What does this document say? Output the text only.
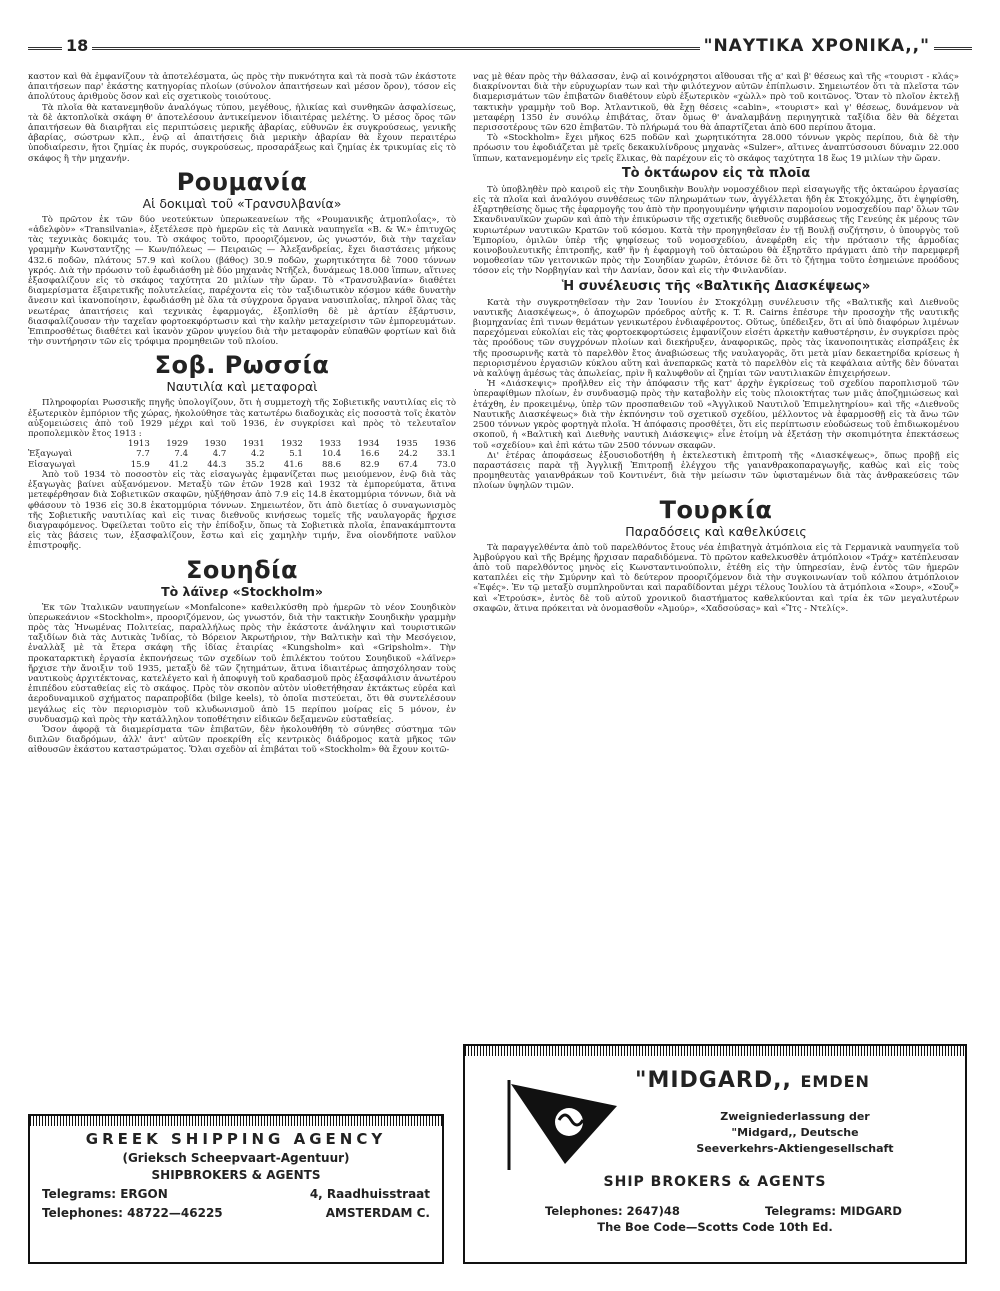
18	"ΝΑΥΤΙΚΑ ΧΡΟΝΙΚΑ,,"

καστον καὶ θὰ ἐμφανίζουν τὰ ἀποτελέσματα, ὡς πρὸς τὴν πυκνότητα καὶ τὰ ποσὰ τῶν ἑκάστοτε ἀπαιτήσεων παρ' ἑκάστης κατηγορίας πλοίων (σύνολον ἀπαιτήσεων καὶ μέσον ὅρον), τόσον εἰς ἀπολύτους ἀριθμοὺς ὅσον καὶ εἰς σχετικοὺς τοιούτους.

Τὰ πλοῖα θὰ κατανεμηθοῦν ἀναλόγως τύπου, μεγέθους, ἡλικίας καὶ συνθηκῶν ἀσφαλίσεως, τὰ δὲ ἀκτοπλοϊκὰ σκάφη θ' ἀποτελέσουν ἀντικείμενον ἰδιαιτέρας μελέτης. Ὁ μέσος ὅρος τῶν ἀπαιτήσεων θὰ διαιρῆται εἰς περιπτώσεις μερικῆς ἀβαρίας, εὐθυνῶν ἐκ συγκρούσεως, γενικῆς ἀβαρίας, σώστρων κλπ., ἐνῷ αἱ ἀπαιτήσεις διὰ μερικὴν ἀβαρίαν θὰ ἔχουν περαιτέρω ὑποδιαίρεσιν, ἤτοι ζημίας ἐκ πυρός, συγκρούσεως, προσαράξεως καὶ ζημίας ἐκ τρικυμίας εἰς τὸ σκάφος ἢ τὴν μηχανήν.

Ρουμανία
Αἱ δοκιμαὶ τοῦ «Τρανσυλβανία»

Τὸ πρῶτον ἐκ τῶν δύο νεοτεύκτων ὑπερωκεανείων τῆς «Ρουμανικῆς ἀτμοπλοΐας», τὸ «ἀδελφὸν» «Transilvania», ἐξετέλεσε πρὸ ἡμερῶν εἰς τὰ Δανικὰ ναυπηγεῖα «B. & W.» ἐπιτυχῶς τὰς τεχνικὰς δοκιμάς του. Τὸ σκάφος τοῦτο, προοριζόμενον, ὡς γνωστόν, διὰ τὴν ταχεῖαν γραμμὴν Κωνσταντζης — Κων/πόλεως — Πειραιῶς — Ἀλεξανδρείας, ἔχει διαστάσεις μήκους 432.6 ποδῶν, πλάτους 57.9 καὶ κοίλου (βάθος) 30.9 ποδῶν, χωρητικότητα δὲ 7000 τόννων γκρός. Διὰ τὴν πρόωσιν τοῦ ἐφωδιάσθη μὲ δύο μηχανὰς Ντῆζελ, δυνάμεως 18.000 ἵππων, αἵτινες ἐξασφαλίζουν εἰς τὸ σκάφος ταχύτητα 20 μιλίων τὴν ὥραν. Τὸ «Τρανσυλβανία» διαθέτει διαμερίσματα ἐξαιρετικῆς πολυτελείας, παρέχοντα εἰς τὸν ταξιδιωτικὸν κόσμον κάθε δυνατὴν ἄνεσιν καὶ ἱκανοποίησιν, ἐφωδιάσθη μὲ ὅλα τὰ σύγχρονα ὄργανα ναυσιπλοΐας, πληροῖ ὅλας τὰς νεωτέρας ἀπαιτήσεις καὶ τεχνικὰς ἐφαρμογάς, ἐξοπλίσθη δὲ μὲ ἀρτίαν ἐξάρτυσιν, διασφαλίζουσαν τὴν ταχεῖαν φορτοεκφόρτωσιν καὶ τὴν καλὴν μεταχείρισιν τῶν ἐμπορευμάτων. Ἐπιπροσθέτως διαθέτει καὶ ἱκανὸν χῶρον ψυγείου διὰ τὴν μεταφορὰν εὐπαθῶν φορτίων καὶ διὰ τὴν συντήρησιν τῶν εἰς τρόφιμα προμηθειῶν τοῦ πλοίου.

Σοβ. Ρωσσία
Ναυτιλία καὶ μεταφοραὶ

Πληροφορίαι Ρωσσικῆς πηγῆς ὑπολογίζουν, ὅτι ἡ συμμετοχὴ τῆς Σοβιετικῆς ναυτιλίας εἰς τὸ ἐξωτερικὸν ἐμπόριον τῆς χώρας, ἠκολούθησε τὰς κατωτέρω διαδοχικὰς εἰς ποσοστὰ τοῖς ἑκατὸν αὐξομειώσεις ἀπὸ τοῦ 1929 μέχρι καὶ τοῦ 1936, ἐν συγκρίσει καὶ πρὸς τὸ τελευταῖον προπολεμικὸν ἔτος 1913 :

	1913	1929	1930	1931	1932	1933	1934	1935	1936
Ἐξαγωγαὶ	7.7	7.4	4.7	4.2	5.1	10.4	16.6	24.2	33.1
Εἰσαγωγαὶ	15.9	41.2	44.3	35.2	41.6	88.6	82.9	67.4	73.0

Ἀπὸ τοῦ 1934 τὸ ποσοστὸν εἰς τὰς εἰσαγωγὰς ἐμφανίζεται πως μειούμενον, ἐνῷ διὰ τὰς ἐξαγωγὰς βαίνει αὐξανόμενον. Μεταξὺ τῶν ἐτῶν 1928 καὶ 1932 τὰ ἐμπορεύματα, ἅτινα μετεφέρθησαν διὰ Σοβιετικῶν σκαφῶν, ηὐξήθησαν ἀπὸ 7.9 εἰς 14.8 ἑκατομμύρια τόννων, διὰ νὰ φθάσουν τὸ 1936 εἰς 30.8 ἑκατομμύρια τόννων. Σημειωτέον, ὅτι ἀπὸ διετίας ὁ συναγωνισμὸς τῆς Σοβιετικῆς ναυτιλίας καὶ εἰς τινας διεθνοῦς κινήσεως τομεῖς τῆς ναυλαγορᾶς ἤρχισε διαγραφόμενος. Ὀφείλεται τοῦτο εἰς τὴν ἐπίδοξιν, ὅπως τὰ Σοβιετικὰ πλοῖα, ἐπανακάμπτοντα εἰς τὰς βάσεις των, ἐξασφαλίζουν, ἔστω καὶ εἰς χαμηλὴν τιμήν, ἕνα οἱονδήποτε ναῦλον ἐπιστροφῆς.

Σουηδία
Τὸ λάϊνερ «Stockholm»

Ἐκ τῶν Ἰταλικῶν ναυπηγείων «Monfalcone» καθειλκύσθη πρὸ ἡμερῶν τὸ νέον Σουηδικὸν ὑπερωκεάνιον «Stockholm», προοριζόμενον, ὡς γνωστόν, διὰ τὴν τακτικὴν Σουηδικὴν γραμμὴν πρὸς τὰς Ἡνωμένας Πολιτείας, παραλλήλως πρὸς τὴν ἑκάστοτε ἀνάληψιν καὶ τουριστικῶν ταξιδίων διὰ τὰς Δυτικὰς Ἰνδίας, τὸ Βόρειον Ἀκρωτήριον, τὴν Βαλτικὴν καὶ τὴν Μεσόγειον, ἐναλλὰξ μὲ τὰ ἕτερα σκάφη τῆς ἰδίας ἑταιρίας «Kungsholm» καὶ «Gripsholm». Τὴν προκαταρκτικὴ ἐργασία ἐκπονήσεως τῶν σχεδίων τοῦ ἐπιλέκτου τούτου Σουηδικοῦ «λάϊνερ» ἤρχισε τὴν ἄνοιξιν τοῦ 1935, μεταξὺ δὲ τῶν ζητημάτων, ἅτινα ἰδιαιτέρως ἀπησχόλησαν τοὺς ναυτικοὺς ἀρχιτέκτονας, κατελέγετο καὶ ἡ ἀποφυγὴ τοῦ κραδασμοῦ πρὸς ἐξασφάλισιν ἀνωτέρου ἐπιπέδου εὐσταθείας εἰς τὸ σκάφος. Πρὸς τὸν σκοπὸν αὐτὸν υἱοθετήθησαν ἐκτάκτως εὐρέα καὶ ἀεροδυναμικοῦ σχήματος παραπροβίδα (bilge keels), τὸ ὁποῖα πιστεύεται, ὅτι θὰ συντελέσουν μεγάλως εἰς τὸν περιορισμὸν τοῦ κλυδωνισμοῦ ἀπὸ 15 περίπου μοίρας εἰς 5 μόνον, ἐν συνδυασμῷ καὶ πρὸς τὴν κατάλληλον τοποθέτησιν εἰδικῶν δεξαμενῶν εὐσταθείας.

Ὅσον ἀφορᾷ τὰ διαμερίσματα τῶν ἐπιβατῶν, δὲν ἠκολουθήθη τὸ σύνηθες σύστημα τῶν διπλῶν διαδρόμων, ἀλλ' ἀντ' αὐτῶν προεκρίθη εἷς κεντρικὸς διάδρομος κατὰ μῆκος τῶν αἰθουσῶν ἑκάστου καταστρώματος. Ὅλαι σχεδὸν αἱ ἐπιβάται τοῦ «Stockholm» θὰ ἔχουν κοιτῶ-

νας μὲ θέαν πρὸς τὴν θάλασσαν, ἐνῷ αἱ κοινόχρηστοι αἴθουσαι τῆς α' καὶ β' θέσεως καὶ τῆς «τουριστ - κλάς» διακρίνονται διὰ τὴν εὐρυχωρίαν των καὶ τὴν φιλότεχνον αὐτῶν ἐπίπλωσιν. Σημειωτέον ὅτι τὰ πλεῖστα τῶν διαμερισμάτων τῶν ἐπιβατῶν διαθέτουν εὐρὺ ἐξωτερικὸν «χὼλλ» πρὸ τοῦ κοιτῶνος. Ὅταν τὸ πλοῖον ἐκτελῇ τακτικὴν γραμμὴν τοῦ Βορ. Ἀτλαντικοῦ, θὰ ἔχῃ θέσεις «cabin», «τουριστ» καὶ γ' θέσεως, δυνάμενον νὰ μεταφέρῃ 1350 ἐν συνόλῳ ἐπιβάτας, ὅταν ὅμως θ' ἀναλαμβάνῃ περιηγητικὰ ταξίδια δὲν θὰ δέχεται περισσοτέρους τῶν 620 ἐπιβατῶν. Τὸ πλήρωμά του θὰ ἀπαρτίζεται ἀπὸ 600 περίπου ἄτομα.

Τὸ «Stockholm» ἔχει μῆκος 625 ποδῶν καὶ χωρητικότητα 28.000 τόννων γκρὸς περίπου, διὰ δὲ τὴν πρόωσιν του ἐφοδιάζεται μὲ τρεῖς δεκακυλίνδρους μηχανὰς «Sulzer», αἵτινες ἀναπτύσσουσι δύναμιν 22.000 ἵππων, κατανεμομένην εἰς τρεῖς ἕλικας, θὰ παρέχουν εἰς τὸ σκάφος ταχύτητα 18 ἕως 19 μιλίων τὴν ὥραν.

Τὸ ὀκτάωρον εἰς τὰ πλοῖα

Τὸ ὑποβληθὲν πρὸ καιροῦ εἰς τὴν Σουηδικὴν Βουλὴν νομοσχέδιον περὶ εἰσαγωγῆς τῆς ὀκταώρου ἐργασίας εἰς τὰ πλοῖα καὶ ἀναλόγου συνθέσεως τῶν πληρωμάτων των, ἀγγέλλεται ἤδη ἐκ Στοκχόλμης, ὅτι ἐψηφίσθη, ἐξαρτηθείσης ὅμως τῆς ἐφαρμογῆς του ἀπὸ τὴν προηγουμένην ψήφισιν παρομοίου νομοσχεδίου παρ' ὅλων τῶν Σκανδιναυϊκῶν χωρῶν καὶ ἀπὸ τὴν ἐπικύρωσιν τῆς σχετικῆς διεθνοῦς συμβάσεως τῆς Γενεύης ἐκ μέρους τῶν κυριωτέρων ναυτικῶν Κρατῶν τοῦ κόσμου. Κατὰ τὴν προηγηθεῖσαν ἐν τῇ Βουλῇ συζήτησιν, ὁ ὑπουργὸς τοῦ Ἐμπορίου, ὁμιλῶν ὑπὲρ τῆς ψηφίσεως τοῦ νομοσχεδίου, ἀνεφέρθη εἰς τὴν πρότασιν τῆς ἁρμοδίας κοινοβουλευτικῆς ἐπιτροπῆς, καθ' ἣν ἡ ἐφαρμογὴ τοῦ ὀκταώρου θὰ ἐξηρτᾶτο πράγματι ἀπὸ τὴν παρεμφερῆ νομοθεσίαν τῶν γειτονικῶν πρὸς τὴν Σουηδίαν χωρῶν, ἐτόνισε δὲ ὅτι τὸ ζήτημα τοῦτο ἐσημειώνε προόδους τόσον εἰς τὴν Νορβηγίαν καὶ τὴν Δανίαν, ὅσον καὶ εἰς τὴν Φινλανδίαν.

Ἡ συνέλευσις τῆς «Βαλτικῆς Διασκέψεως»

Κατὰ τὴν συγκροτηθεῖσαν τὴν 2αν Ἰουνίου ἐν Στοκχόλμῃ συνέλευσιν τῆς «Βαλτικῆς καὶ Διεθνοῦς ναυτικῆς Διασκέψεως», ὁ ἀποχωρῶν πρόεδρος αὐτῆς κ. T. R. Cairns ἐπέσυρε τὴν προσοχὴν τῆς ναυτικῆς βιομηχανίας ἐπὶ τινων θεμάτων γενικωτέρου ἐνδιαφέροντος. Οὕτως, ὑπέδειξεν, ὅτι αἱ ὑπὸ διαφόρων λιμένων παρεχόμεναι εὐκολίαι εἰς τὰς φορτοεκφορτώσεις ἐμφανίζουν εἰσέτι ἀρκετὴν καθυστέρησιν, ἐν συγκρίσει πρὸς τὰς προόδους τῶν συγχρόνων πλοίων καὶ διεκήρυξεν, ἀναφορικῶς, πρὸς τὰς ἱκανοποιητικὰς εἰσπράξεις ἐκ τῆς προσωρινῆς κατὰ τὸ παρελθὸν ἔτος ἀναβιώσεως τῆς ναυλαγορᾶς, ὅτι μετὰ μίαν δεκαετηρίδα κρίσεως ἡ περιορισμένου ἐργασιῶν κύκλου αὕτη καὶ ἀνεπαρκῶς κατὰ τὸ παρελθὸν εἰς τὰ κεφάλαια αὐτῆς δὲν δύναται νὰ καλύψῃ ἁμέσως τὰς ἀπωλείας, πρὶν ἢ καλυφθοῦν αἱ ζημίαι τῶν ναυτιλιακῶν ἐπιχειρήσεων.

Ἡ «Διάσκεψις» προῆλθεν εἰς τὴν ἀπόφασιν τῆς κατ' ἀρχὴν ἐγκρίσεως τοῦ σχεδίου παροπλισμοῦ τῶν ὑπεραφίθμων πλοίων, ἐν συνδυασμῷ πρὸς τὴν καταβολὴν εἰς τοὺς πλοιοκτήτας των μιᾶς ἀποζημιώσεως καὶ ἐτάχθη, ἐν προκειμένῳ, ὑπὲρ τῶν προσπαθειῶν τοῦ «Ἀγγλικοῦ Ναυτιλοῦ Ἐπιμελητηρίου» καὶ τῆς «Διεθνοῦς Ναυτικῆς Διασκέψεως» διὰ τὴν ἐκπόνησιν τοῦ σχετικοῦ σχεδίου, μέλλοντος νὰ ἐφαρμοσθῇ εἰς τὰ ἄνω τῶν 2500 τόννων γκρὸς φορτηγὰ πλοῖα. Ἡ ἀπόφασις προσθέτει, ὅτι εἰς περίπτωσιν εὐοδώσεως τοῦ ἐπιδιωκομένου σκοποῦ, ἡ «Βαλτικὴ καὶ Διεθνὴς ναυτικὴ Διάσκεψις» εἶνε ἑτοίμη νὰ ἐξετάσῃ τὴν σκοπιμότητα ἐπεκτάσεως τοῦ «σχεδίου» καὶ ἐπὶ κάτω τῶν 2500 τόννων σκαφῶν.

Δι' ἑτέρας ἀποφάσεως ἐξουσιοδοτήθη ἡ ἐκτελεστικὴ ἐπιτροπὴ τῆς «Διασκέψεως», ὅπως προβῇ εἰς παραστάσεις παρὰ τῇ Ἀγγλικῇ Ἐπιτροπῇ ἐλέγχου τῆς γαιανθρακοπαραγωγῆς, καθὼς καὶ εἰς τοὺς προμηθευτὰς γαιανθράκων τοῦ Κοντινέντ, διὰ τὴν μείωσιν τῶν ὑφισταμένων διὰ τὰς ἀνθρακεύσεις τῶν πλοίων ὑψηλῶν τιμῶν.

Τουρκία
Παραδόσεις καὶ καθελκύσεις

Τὰ παραγγελθέντα ἀπὸ τοῦ παρελθόντος ἔτους νέα ἐπιβατηγὰ ἀτμόπλοια εἰς τὰ Γερμανικὰ ναυπηγεῖα τοῦ Ἀμβούργου καὶ τῆς Βρέμης ἤρχισαν παραδιδόμενα. Τὸ πρῶτον καθελκυσθὲν ἀτμόπλοιον «Τράχ» κατέπλευσαν ἀπὸ τοῦ παρελθόντος μηνὸς εἰς Κωνσταντινούπολιν, ἐτέθη εἰς τὴν ὑπηρεσίαν, ἐνῷ ἐντὸς τῶν ἡμερῶν καταπλέει εἰς τὴν Σμύρνην καὶ τὸ δεύτερον προοριζόμενον διὰ τὴν συγκοινωνίαν τοῦ κόλπου ἀτμόπλοιον «Ἐφές». Ἐν τῷ μεταξὺ συμπληροῦνται καὶ παραδίδονται μέχρι τέλους Ἰουλίου τὰ ἀτμόπλοια «Σουρ», «Σουζ» καὶ «Ἐτρούσκ», ἐντὸς δὲ τοῦ αὐτοῦ χρονικοῦ διαστήματος καθελκύονται καὶ τρία ἐκ τῶν μεγαλυτέρων σκαφῶν, ἅτινα πρόκειται νὰ ὀνομασθοῦν «Ἀμούρ», «Χαδσούσας» καὶ «Ἴτς - Ντελίς».

GREEK SHIPPING AGENCY
(Grieksch Scheepvaart-Agentuur)
SHIPBROKERS & AGENTS
Telegrams: ERGON	4, Raadhuisstraat
Telephones: 48722—46225	AMSTERDAM C.
"MIDGARD,, EMDEN
Zweigniederlassung der
"Midgard,, Deutsche
Seeverkehrs-Aktiengesellschaft
SHIP BROKERS & AGENTS
Telephones: 2647)48	Telegrams: MIDGARD
The Boe Code—Scotts Code 10th Ed.
